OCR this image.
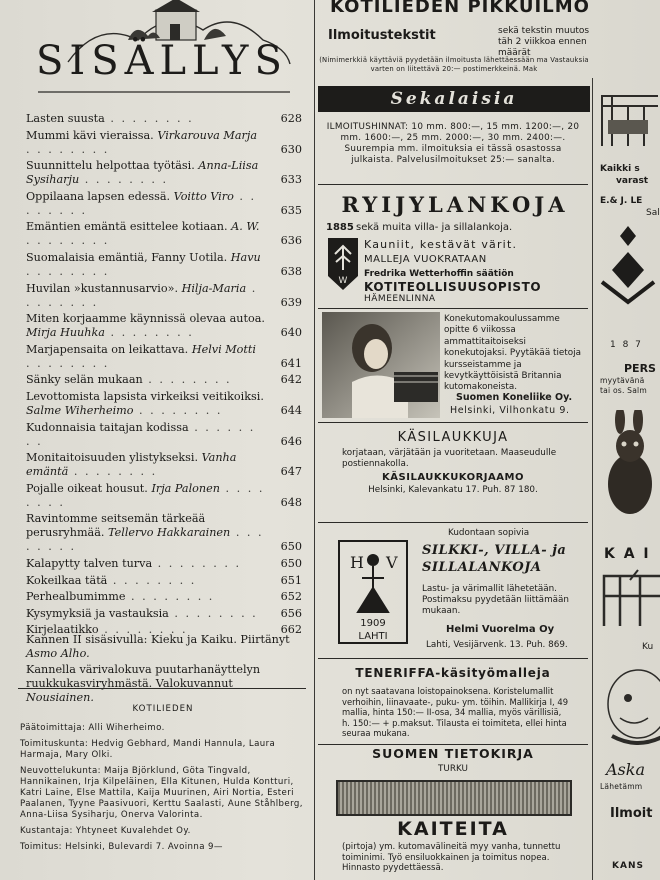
SISÄLLYS
Lasten suusta . . . . . . . .	628
Mummi kävi vieraissa. Virkarouva Marja . . . . . . . .	630
Suunnittelu helpottaa työtäsi. Anna-Liisa Sysiharju . . . . . . . .	633
Oppilaana lapsen edessä. Voitto Viro . . . . . . . .	635
Emäntien emäntä esittelee kotiaan. A. W. . . . . . . . .	636
Suomalaisia emäntiä, Fanny Uotila. Havu . . . . . . . .	638
Huvilan »kustannusarvio». Hilja-Maria . . . . . . . .	639
Miten korjaamme käynnissä olevaa autoa. Mirja Huuhka . . . . . . . .	640
Marjapensaita on leikattava. Helvi Motti . . . . . . . .	641
Sänky selän mukaan . . . . . . . .	642
Levottomista lapsista virkeiksi veitikoiksi. Salme Wiherheimo . . . . . . . .	644
Kudonnaisia taitajan kodissa . . . . . . . .	646
Monitaitoisuuden ylistykseksi. Vanha emäntä . . . . . . . .	647
Pojalle oikeat housut. Irja Palonen . . . . . . . .	648
Ravintomme seitsemän tärkeää perusryhmää. Tellervo Hakkarainen . . . . . . . .	650
Kalapytty talven turva . . . . . . . .	650
Kokeilkaa tätä . . . . . . . .	651
Perhealbumimme . . . . . . . .	652
Kysymyksiä ja vastauksia . . . . . . . .	656
Kirjelaatikko . . . . . . . .	662
Kannen II sisäsivulla: Kieku ja Kaiku. Piirtänyt Asmo Alho.
Kannella värivalokuva puutarhanäyttelyn ruukkukasviryhmästä. Valokuvannut Nousiainen.
KOTILIEDEN

Päätoimittaja: Alli Wiherheimo.

Toimituskunta: Hedvig Gebhard, Mandi Hannula, Laura Harmaja, Mary Olki.

Neuvottelukunta: Maija Björklund, Göta Tingvald, Hannikainen, Irja Kilpeläinen, Ella Kitunen, Hulda Kontturi, Katri Laine, Else Mattila, Kaija Muurinen, Airi Nortia, Esteri Paalanen, Tyyne Paasivuori, Kerttu Saalasti, Aune Ståhlberg, Anna-Liisa Sysiharju, Onerva Valorinta.

Kustantaja: Yhtyneet Kuvalehdet Oy.

Toimitus: Helsinki, Bulevardi 7. Avoinna 9—

KOTILIEDEN PIKKUILMO
Ilmoitustekstit	sekä tekstin muutos täh 2 viikkoa ennen määrät
(Nimimerkkiä käyttäviä pyydetään ilmoitusta lähettäessään ma Vastauksia varten on liitettävä 20:— postimerkkeinä. Mak
Sekalaisia
ILMOITUSHINNAT: 10 mm. 800:—, 15 mm. 1200:—, 20 mm. 1600:—, 25 mm. 2000:—, 30 mm. 2400:—. Suurempia mm. ilmoituksia ei tässä osastossa julkaista. Palvelusilmoitukset 25:— sanalta.
RYIJYLANKOJA
1885
W
sekä muita villa- ja sillalankoja.
Kauniit, kestävät värit.
MALLEJA VUOKRATAAN
Fredrika Wetterhoffin säätiön
KOTITEOLLISUUSOPISTO
HÄMEENLINNA
Konekutomakoulussamme opitte 6 viikossa ammattitaitoiseksi konekutojaksi. Pyytäkää tietoja kursseistamme ja kevytkäyttöisistä Britannia kutomakoneista.
Suomen Koneliike Oy.
Helsinki, Vilhonkatu 9.
KÄSILAUKKUJA
korjataan, värjätään ja vuoritetaan. Maaseudulle postiennakolla.
KÄSILAUKKUKORJAAMO
Helsinki, Kalevankatu 17. Puh. 87 180.
Kudontaan sopivia
H V
1909
LAHTI
SILKKI-, VILLA- ja SILLALANKOJA
Lastu- ja värimallit lähetetään. Postimaksu pyydetään liittämään mukaan.
Helmi Vuorelma Oy
Lahti, Vesijärvenk. 13. Puh. 869.
TENERIFFA-käsityömalleja
on nyt saatavana loistopainoksena. Koristelumallit verhoihin, liinavaate-, puku- ym. töihin. Mallikirja I, 49 mallia, hinta 150:— II-osa, 34 mallia, myös värillisiä, h. 150:— + p.maksut. Tilausta ei toimiteta, ellei hinta seuraa mukana.
SUOMEN TIETOKIRJA
TURKU
KAITEITA
(pirtoja) ym. kutomavälineitä myy vanha, tunnettu toiminimi. Työ ensiluokkainen ja toimitus nopea. Hinnasto pyydettäessä.
Kaikki s
varast
E.& J. LE
Sal
1 8 7
PERS
myytävänä
tai os. Salm
K A I
Ku
Aska
Lähetämm
Ilmoit
KANS
